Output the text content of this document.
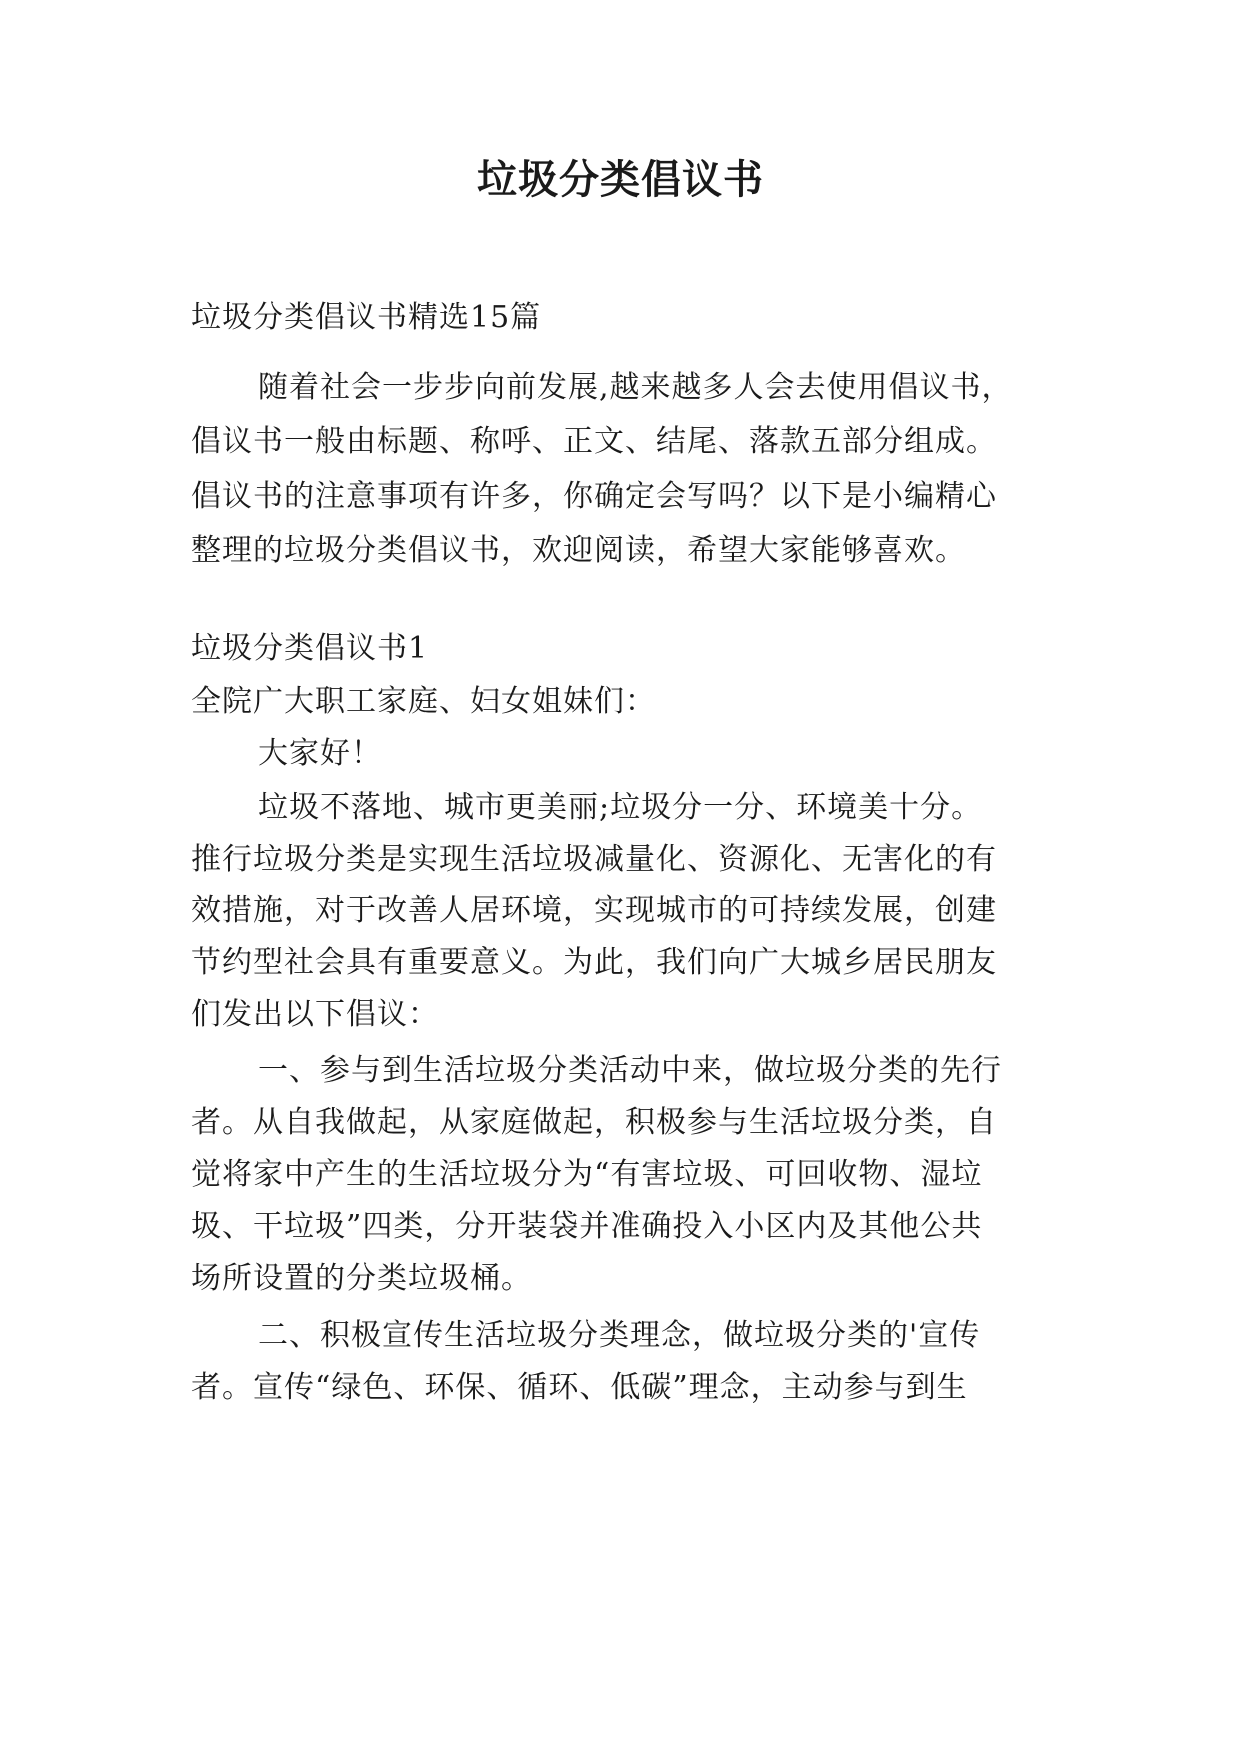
垃圾分类倡议书
垃圾分类倡议书精选15篇
随着社会一步步向前发展,越来越多人会去使用倡议书，
倡议书一般由标题、称呼、正文、结尾、落款五部分组成。
倡议书的注意事项有许多，你确定会写吗？以下是小编精心
整理的垃圾分类倡议书，欢迎阅读，希望大家能够喜欢。
垃圾分类倡议书1
全院广大职工家庭、妇女姐妹们：
大家好！
垃圾不落地、城市更美丽;垃圾分一分、环境美十分。
推行垃圾分类是实现生活垃圾减量化、资源化、无害化的有
效措施，对于改善人居环境，实现城市的可持续发展，创建
节约型社会具有重要意义。为此，我们向广大城乡居民朋友
们发出以下倡议：
一、参与到生活垃圾分类活动中来，做垃圾分类的先行
者。从自我做起，从家庭做起，积极参与生活垃圾分类，自
觉将家中产生的生活垃圾分为“有害垃圾、可回收物、湿垃
圾、干垃圾”四类，分开装袋并准确投入小区内及其他公共
场所设置的分类垃圾桶。
二、积极宣传生活垃圾分类理念，做垃圾分类的'宣传
者。宣传“绿色、环保、循环、低碳”理念，主动参与到生
